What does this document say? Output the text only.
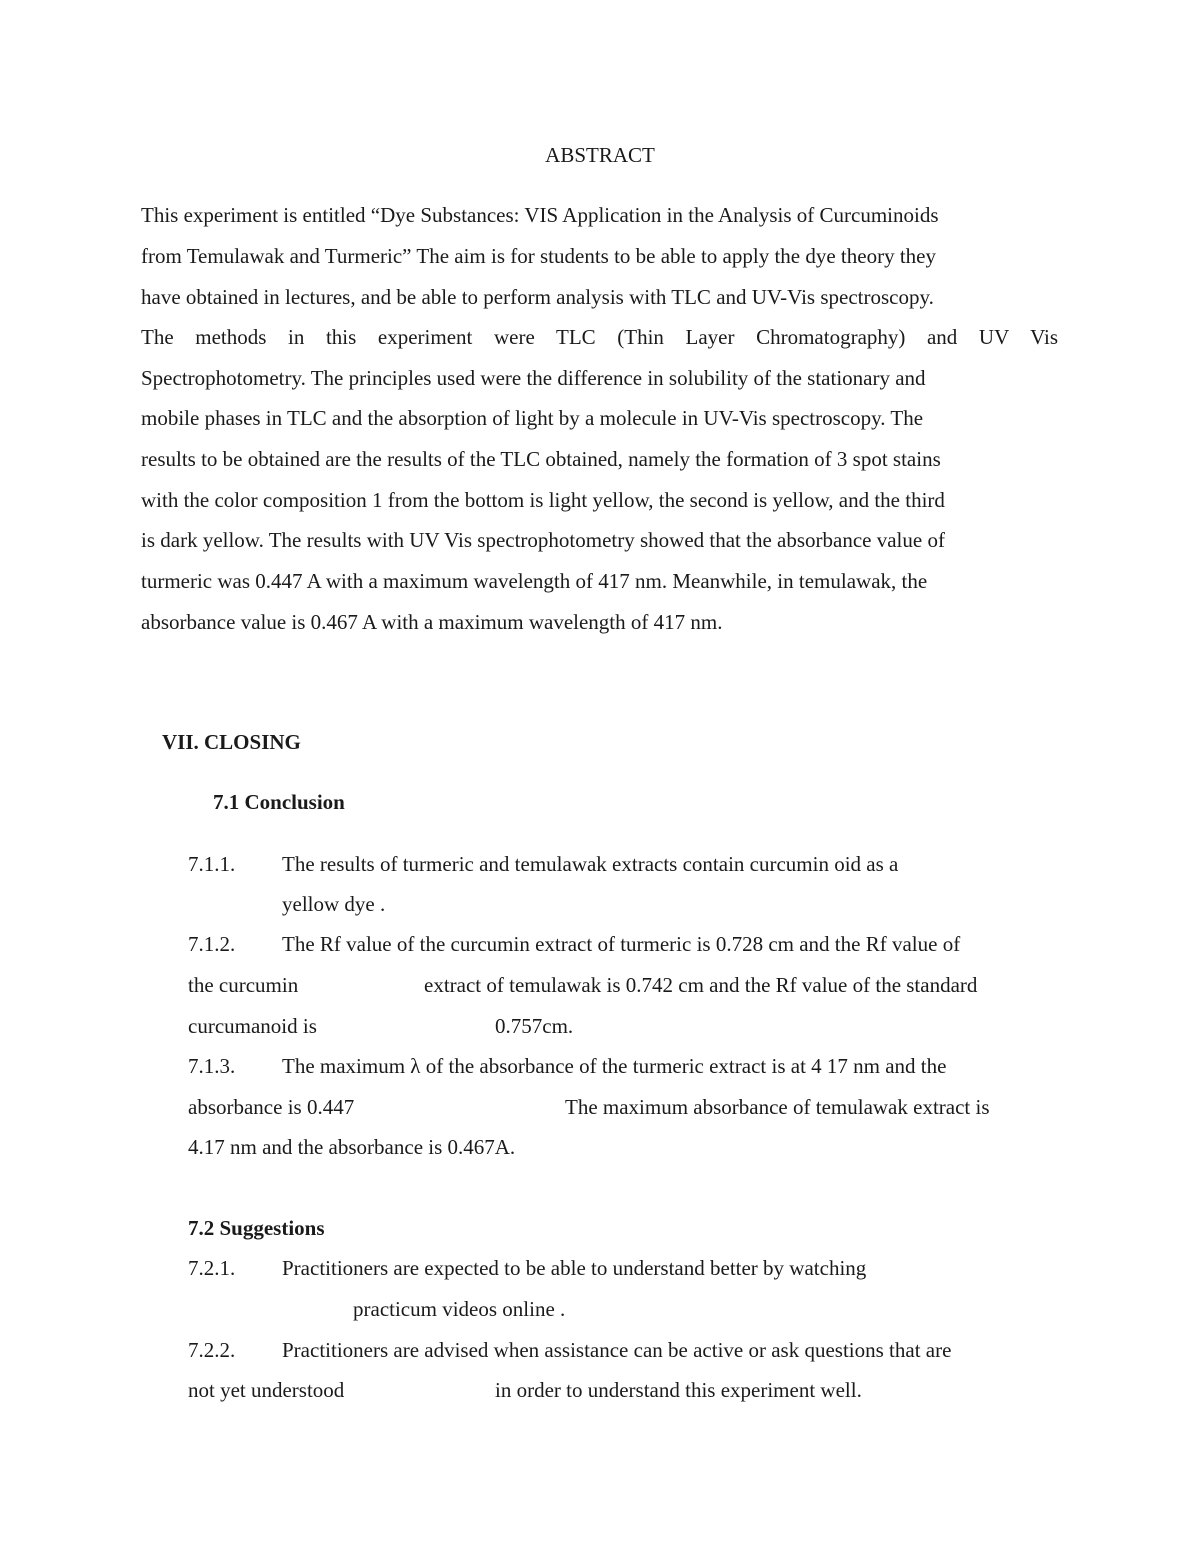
ABSTRACT
This experiment is entitled “Dye Substances: VIS Application in the Analysis of Curcuminoids
from Temulawak and Turmeric” The aim is for students to be able to apply the dye theory they
have obtained in lectures, and be able to perform analysis with TLC and UV-Vis spectroscopy.
The methods in this experiment were TLC (Thin Layer Chromatography) and UV Vis
Spectrophotometry. The principles used were the difference in solubility of the stationary and
mobile phases in TLC and the absorption of light by a molecule in UV-Vis spectroscopy. The
results to be obtained are the results of the TLC obtained, namely the formation of 3 spot stains
with the color composition 1 from the bottom is light yellow, the second is yellow, and the third
is dark yellow. The results with UV Vis spectrophotometry showed that the absorbance value of
turmeric was 0.447 A with a maximum wavelength of 417 nm. Meanwhile, in temulawak, the
absorbance value is 0.467 A with a maximum wavelength of 417 nm.
VII. CLOSING
7.1 Conclusion
7.1.1. The results of turmeric and temulawak extracts contain curcumin oid as a
yellow dye .
7.1.2. The Rf value of the curcumin extract of turmeric is 0.728 cm and the Rf value of
the curcumin	extract of temulawak is 0.742 cm and the Rf value of the standard
curcumanoid is	0.757cm.
7.1.3. The maximum λ of the absorbance of the turmeric extract is at 4 17 nm and the
absorbance is 0.447	The maximum absorbance of temulawak extract is
4.17 nm and the absorbance is 0.467A.
7.2 Suggestions
7.2.1. Practitioners are expected to be able to understand better by watching
practicum videos online .
7.2.2. Practitioners are advised when assistance can be active or ask questions that are
not yet understood	in order to understand this experiment well.
